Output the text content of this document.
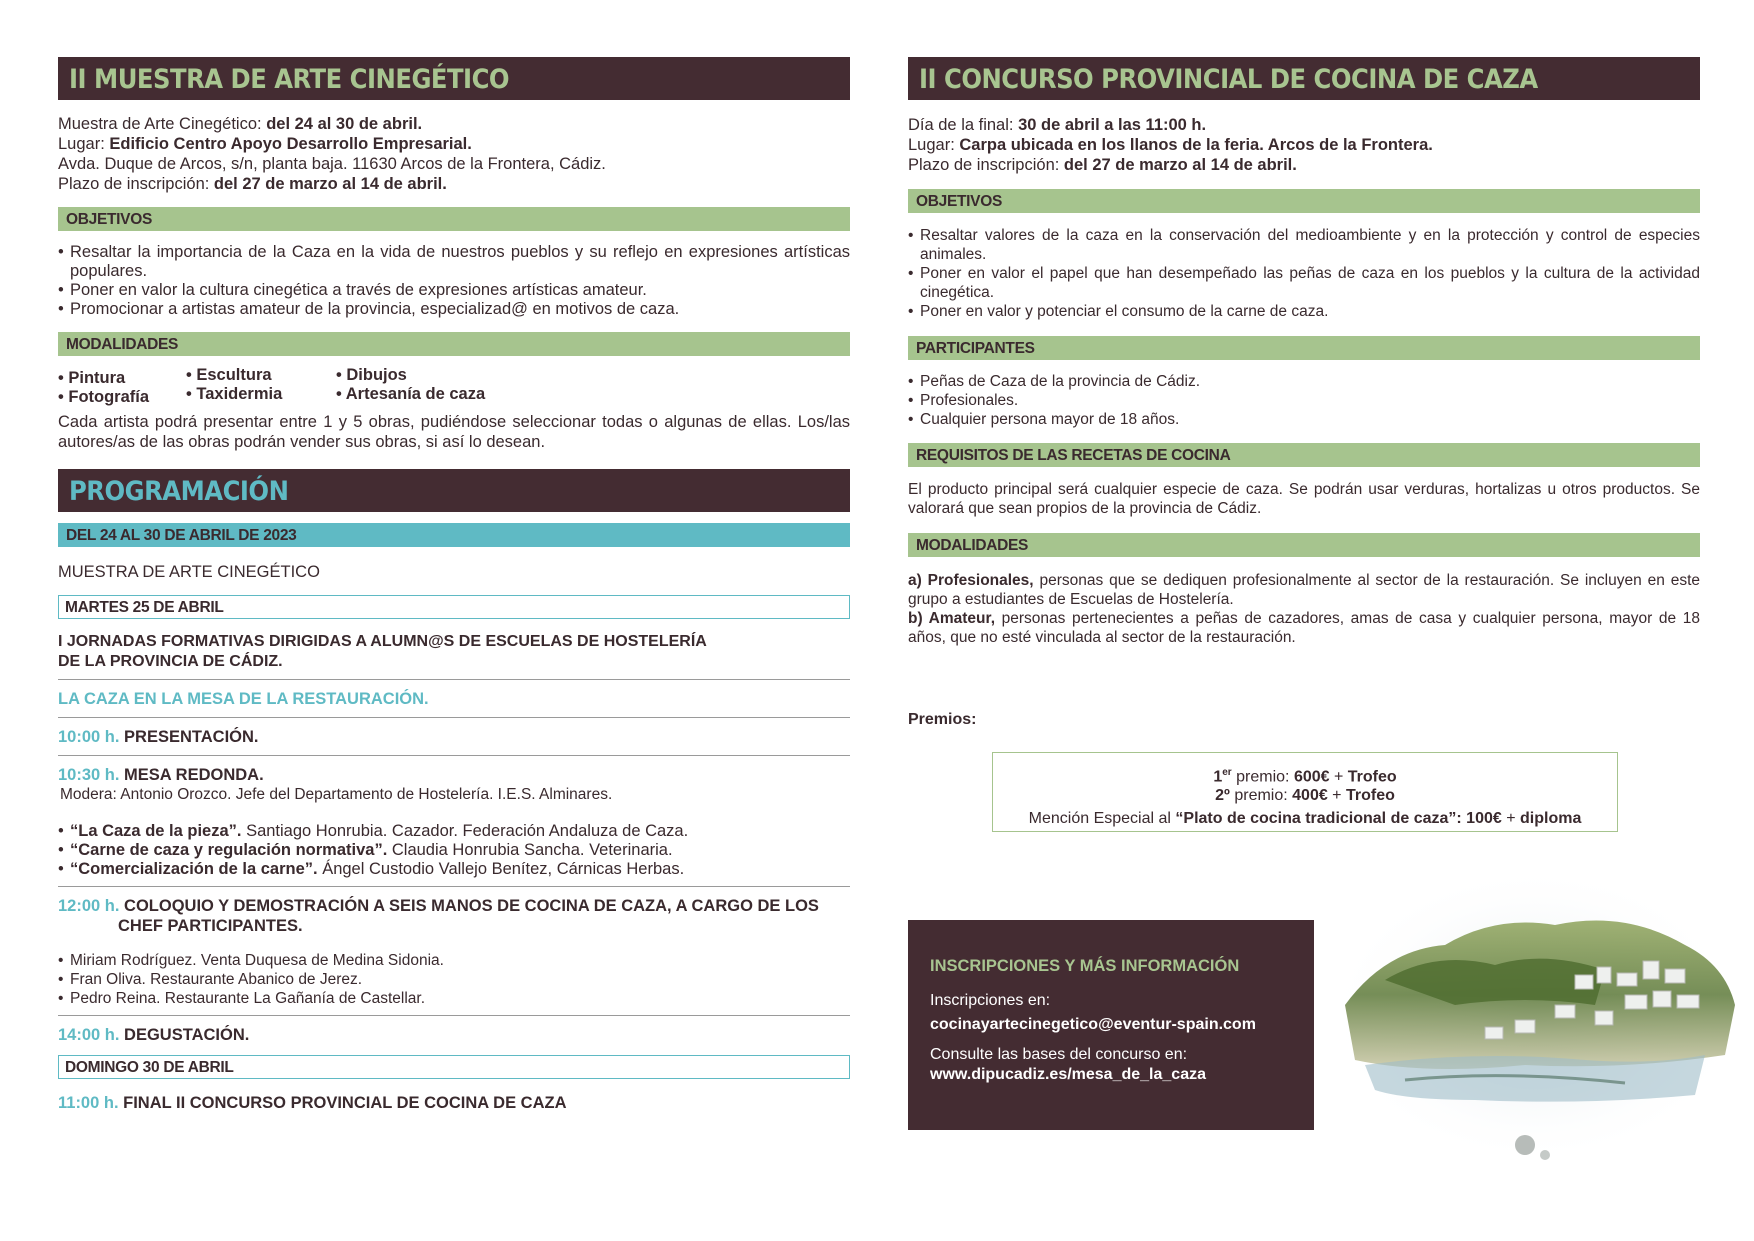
II MUESTRA DE ARTE CINEGÉTICO
Muestra de Arte Cinegético: del 24 al 30 de abril.
Lugar: Edificio Centro Apoyo Desarrollo Empresarial.
Avda. Duque de Arcos, s/n, planta baja. 11630 Arcos de la Frontera, Cádiz.
Plazo de inscripción: del 27 de marzo al 14 de abril.
OBJETIVOS
• Resaltar la importancia de la Caza en la vida de nuestros pueblos y su reflejo en expresiones artísticas populares.
• Poner en valor la cultura cinegética a través de expresiones artísticas amateur.
• Promocionar a artistas amateur de la provincia, especializad@ en motivos de caza.
MODALIDADES
• Pintura
• Fotografía
• Escultura
• Taxidermia
• Dibujos
• Artesanía de caza
Cada artista podrá presentar entre 1 y 5 obras, pudiéndose seleccionar todas o algunas de ellas. Los/las autores/as de las obras podrán vender sus obras, si así lo desean.
PROGRAMACIÓN
DEL 24 AL 30 DE ABRIL DE 2023
MUESTRA DE ARTE CINEGÉTICO
MARTES 25 DE ABRIL
I JORNADAS FORMATIVAS DIRIGIDAS A ALUMN@S DE ESCUELAS DE HOSTELERÍA
DE LA PROVINCIA DE CÁDIZ.
LA CAZA EN LA MESA DE LA RESTAURACIÓN.
10:00 h. PRESENTACIÓN.
10:30 h. MESA REDONDA.
Modera: Antonio Orozco. Jefe del Departamento de Hostelería. I.E.S. Alminares.
• “La Caza de la pieza”. Santiago Honrubia. Cazador. Federación Andaluza de Caza.
• “Carne de caza y regulación normativa”. Claudia Honrubia Sancha. Veterinaria.
• “Comercialización de la carne”. Ángel Custodio Vallejo Benítez, Cárnicas Herbas.
12:00 h. COLOQUIO Y DEMOSTRACIÓN A SEIS MANOS DE COCINA DE CAZA, A CARGO DE LOS
CHEF PARTICIPANTES.
• Miriam Rodríguez. Venta Duquesa de Medina Sidonia.
• Fran Oliva. Restaurante Abanico de Jerez.
• Pedro Reina. Restaurante La Gañanía de Castellar.
14:00 h. DEGUSTACIÓN.
DOMINGO 30 DE ABRIL
11:00 h. FINAL II CONCURSO PROVINCIAL DE COCINA DE CAZA
II CONCURSO PROVINCIAL DE COCINA DE CAZA
Día de la final: 30 de abril a las 11:00 h.
Lugar: Carpa ubicada en los llanos de la feria. Arcos de la Frontera.
Plazo de inscripción: del 27 de marzo al 14 de abril.
OBJETIVOS
• Resaltar valores de la caza en la conservación del medioambiente y en la protección y control de especies animales.
• Poner en valor el papel que han desempeñado las peñas de caza en los pueblos y la cultura de la actividad cinegética.
• Poner en valor y potenciar el consumo de la carne de caza.
PARTICIPANTES
• Peñas de Caza de la provincia de Cádiz.
• Profesionales.
• Cualquier persona mayor de 18 años.
REQUISITOS DE LAS RECETAS DE COCINA
El producto principal será cualquier especie de caza. Se podrán usar verduras, hortalizas u otros productos. Se valorará que sean propios de la provincia de Cádiz.
MODALIDADES
a) Profesionales, personas que se dediquen profesionalmente al sector de la restauración. Se incluyen en este grupo a estudiantes de Escuelas de Hostelería.
b) Amateur, personas pertenecientes a peñas de cazadores, amas de casa y cualquier persona, mayor de 18 años, que no esté vinculada al sector de la restauración.
Premios:
1er premio: 600€ + Trofeo
2º premio: 400€ + Trofeo
Mención Especial al “Plato de cocina tradicional de caza”: 100€ + diploma
INSCRIPCIONES Y MÁS INFORMACIÓN
Inscripciones en:
cocinayartecinegetico@eventur-spain.com
Consulte las bases del concurso en:
www.dipucadiz.es/mesa_de_la_caza
